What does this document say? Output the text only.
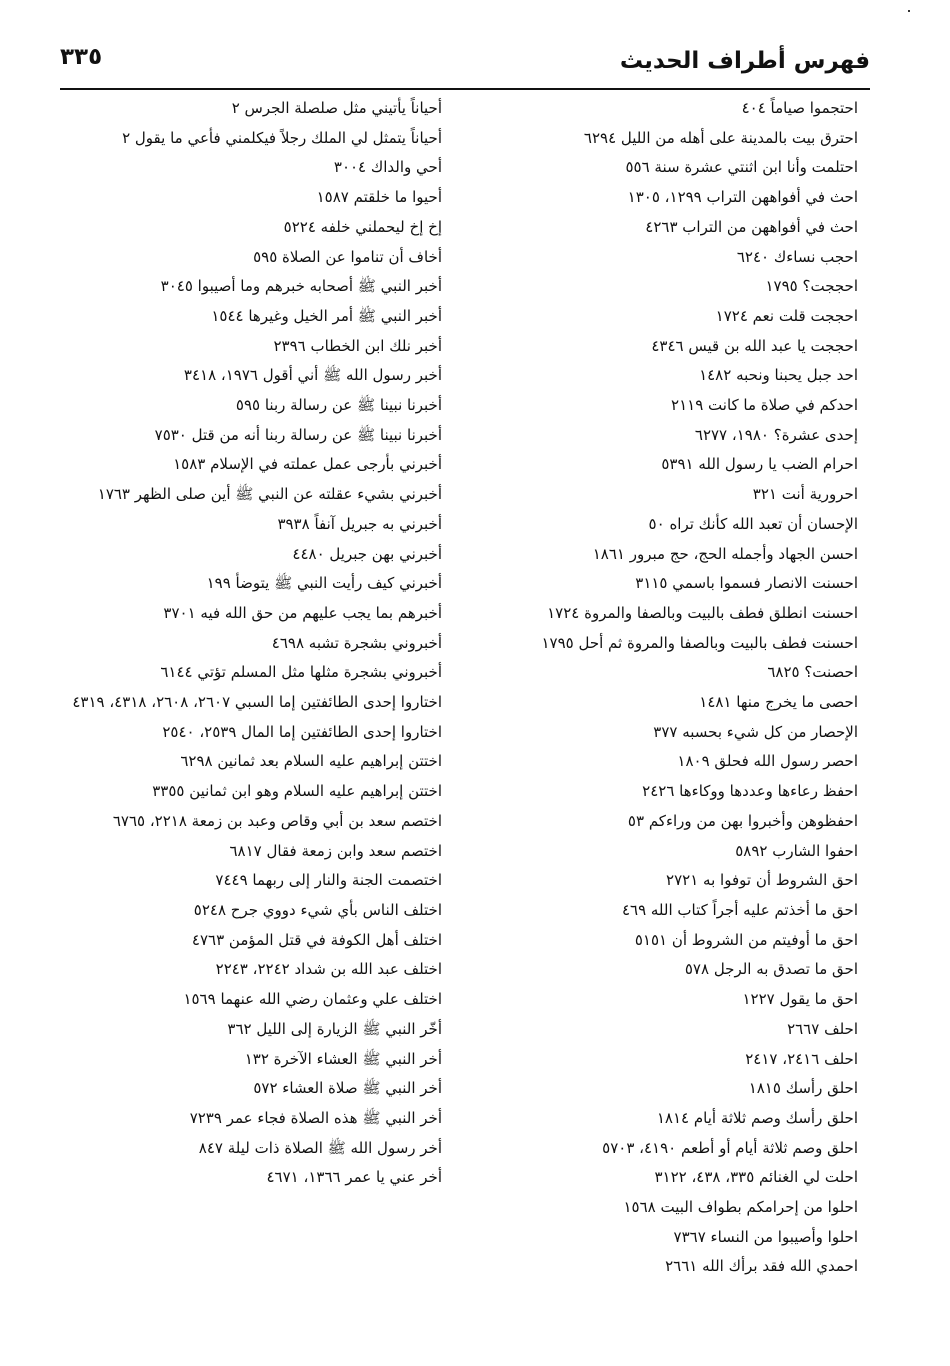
فهرس أطراف الحديث
٣٣٥
احتجموا صياماً ٤٠٤
احترق بيت بالمدينة على أهله من الليل ٦٢٩٤
احتلمت وأنا ابن اثنتي عشرة سنة ٥٥٦
احث في أفواههن التراب ١٢٩٩، ١٣٠٥
احث في أفواههن من التراب ٤٢٦٣
احجب نساءك ٦٢٤٠
احججت؟ ١٧٩٥
احججت قلت نعم ١٧٢٤
احججت يا عبد الله بن قيس ٤٣٤٦
احد جبل يحبنا ونحبه ١٤٨٢
احدكم في صلاة ما كانت ٢١١٩
إحدى عشرة؟ ١٩٨٠، ٦٢٧٧
احرام الضب يا رسول الله ٥٣٩١
احرورية أنت ٣٢١
الإحسان أن تعبد الله كأنك تراه ٥٠
احسن الجهاد وأجمله الحج، حج مبرور ١٨٦١
احسنت الانصار فسموا باسمي ٣١١٥
احسنت انطلق فطف بالبيت وبالصفا والمروة ١٧٢٤
احسنت فطف بالبيت وبالصفا والمروة ثم أحل ١٧٩٥
احصنت؟ ٦٨٢٥
احصى ما يخرج منها ١٤٨١
الإحصار من كل شيء بحسبه ٣٧٧
احصر رسول الله فحلق ١٨٠٩
احفظ رعاءها وعددها ووكاءها ٢٤٢٦
احفظوهن وأخبروا بهن من وراءكم ٥٣
احفوا الشارب ٥٨٩٢
احق الشروط أن توفوا به ٢٧٢١
احق ما أخذتم عليه أجراً كتاب الله ٤٦٩
احق ما أوفيتم من الشروط أن ٥١٥١
احق ما تصدق به الرجل ٥٧٨
احق ما يقول ١٢٢٧
احلف ٢٦٦٧
احلف ٢٤١٦، ٢٤١٧
احلق رأسك ١٨١٥
احلق رأسك وصم ثلاثة أيام ١٨١٤
احلق وصم ثلاثة أيام أو أطعم ٤١٩٠، ٥٧٠٣
احلت لي الغنائم ٣٣٥، ٤٣٨، ٣١٢٢
احلوا من إحرامكم بطواف البيت ١٥٦٨
احلوا وأصيبوا من النساء ٧٣٦٧
احمدي الله فقد برأك الله ٢٦٦١
أحياناً يأتيني مثل صلصلة الجرس ٢
أحياناً يتمثل لي الملك رجلاً فيكلمني فأعي ما يقول ٢
أحي والداك ٣٠٠٤
أحيوا ما خلقتم ١٥٨٧
إخ إخ ليحملني خلفه ٥٢٢٤
أخاف أن تناموا عن الصلاة ٥٩٥
أخبر النبي ﷺ أصحابه خبرهم وما أصيبوا ٣٠٤٥
أخبر النبي ﷺ أمر الخيل وغيرها ١٥٤٤
أخبر نلك ابن الخطاب ٢٣٩٦
أخبر رسول الله ﷺ أني أقول ١٩٧٦، ٣٤١٨
أخبرنا نبينا ﷺ عن رسالة ربنا ٥٩٥
أخبرنا نبينا ﷺ عن رسالة ربنا أنه من قتل ٧٥٣٠
أخبرني بأرجى عمل عملته في الإسلام ١٥٨٣
أخبرني بشيء عقلته عن النبي ﷺ أين صلى الظهر ١٧٦٣
أخبرني به جبريل آنفاً ٣٩٣٨
أخبرني بهن جبريل ٤٤٨٠
أخبرني كيف رأيت النبي ﷺ يتوضأ ١٩٩
أخبرهم بما يجب عليهم من حق الله فيه ٣٧٠١
أخبروني بشجرة تشبه ٤٦٩٨
أخبروني بشجرة مثلها مثل المسلم تؤتي ٦١٤٤
اختاروا إحدى الطائفتين إما السبي ٢٦٠٧، ٢٦٠٨، ٤٣١٨، ٤٣١٩
اختاروا إحدى الطائفتين إما المال ٢٥٣٩، ٢٥٤٠
اختتن إبراهيم عليه السلام بعد ثمانين ٦٢٩٨
اختتن إبراهيم عليه السلام وهو ابن ثمانين ٣٣٥٥
اختصم سعد بن أبي وقاص وعبد بن زمعة ٢٢١٨، ٦٧٦٥
اختصم سعد وابن زمعة فقال ٦٨١٧
اختصمت الجنة والنار إلى ربهما ٧٤٤٩
اختلف الناس بأي شيء دووي جرح ٥٢٤٨
اختلف أهل الكوفة في قتل المؤمن ٤٧٦٣
اختلف عبد الله بن شداد ٢٢٤٢، ٢٢٤٣
اختلف علي وعثمان رضي الله عنهما ١٥٦٩
أخّر النبي ﷺ الزيارة إلى الليل ٣٦٢
أخر النبي ﷺ العشاء الآخرة ١٣٢
أخر النبي ﷺ صلاة العشاء ٥٧٢
أخر النبي ﷺ هذه الصلاة فجاء عمر ٧٢٣٩
أخر رسول الله ﷺ الصلاة ذات ليلة ٨٤٧
أخر عني يا عمر ١٣٦٦، ٤٦٧١
